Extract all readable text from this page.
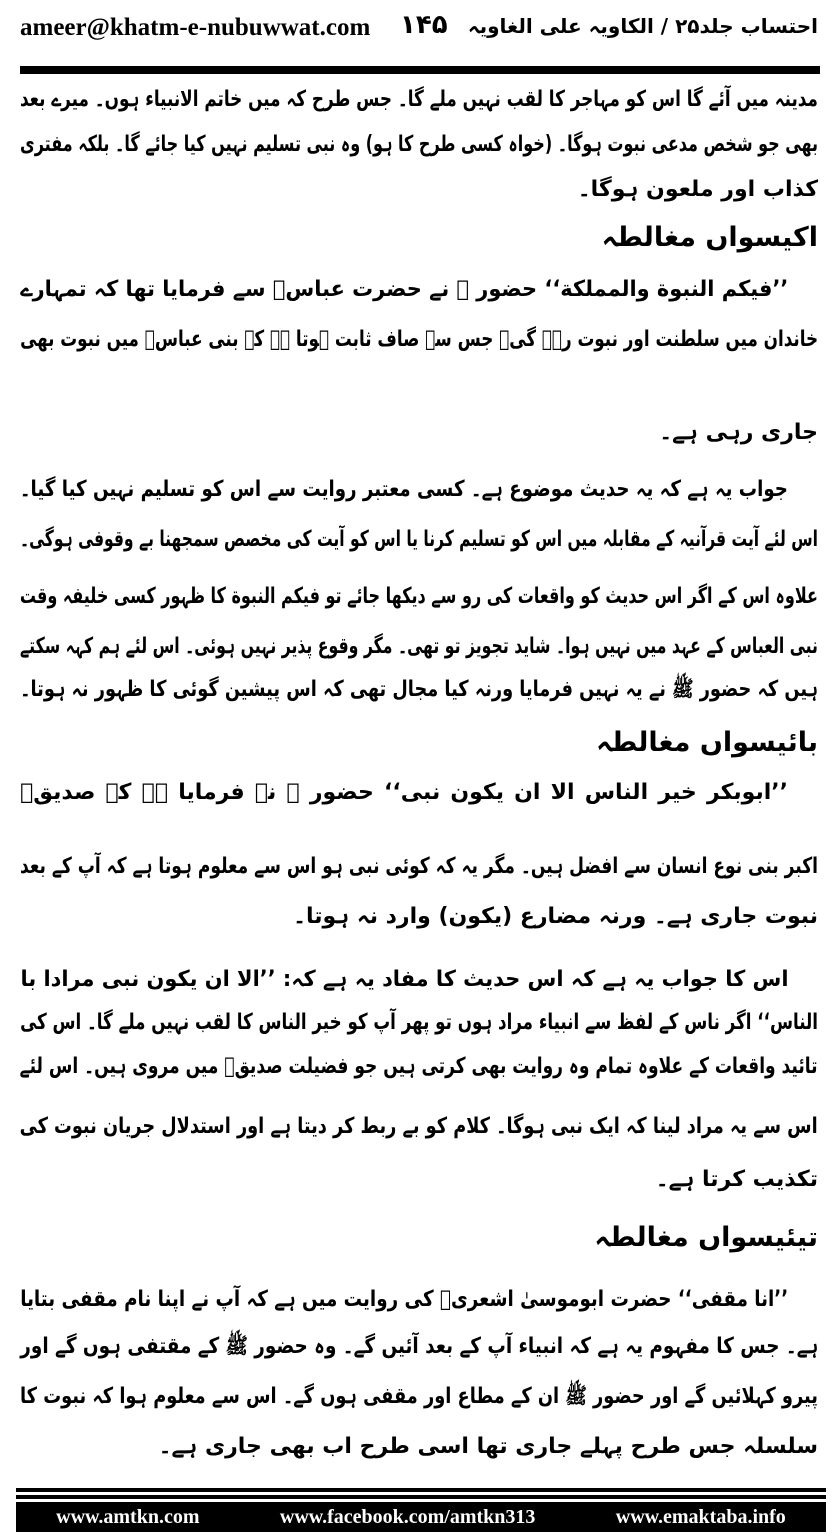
ameer@khatm-e-nubuwwat.com ۱۴۵ احتساب جلد۲۵ / الکاویہ علی الغاویہ
مدینہ میں آئے گا اس کو مہاجر کا لقب نہیں ملے گا۔ جس طرح کہ میں خاتم الانبیاء ہوں۔ میرے بعد
بھی جو شخص مدعی نبوت ہوگا۔ (خواہ کسی طرح کا ہو) وہ نبی تسلیم نہیں کیا جائے گا۔ بلکہ مفتری
کذاب اور ملعون ہوگا۔
اکیسواں مغالطہ
’’فیکم النبوة والمملکة‘‘ حضور ﷺ نے حضرت عباسؓ سے فرمایا تھا کہ تمہارے
خاندان میں سلطنت اور نبوت رہے گی۔ جس سے صاف ثابت ہوتا ہے کہ بنی عباسؓ میں نبوت بھی
جاری رہی ہے۔
جواب یہ ہے کہ یہ حدیث موضوع ہے۔ کسی معتبر روایت سے اس کو تسلیم نہیں کیا گیا۔
اس لئے آیت قرآنیہ کے مقابلہ میں اس کو تسلیم کرنا یا اس کو آیت کی مخصص سمجھنا بے وقوفی ہوگی۔
علاوہ اس کے اگر اس حدیث کو واقعات کی رو سے دیکھا جائے تو فیکم النبوة کا ظہور کسی خلیفہ وقت
نبی العباس کے عہد میں نہیں ہوا۔ شاید تجویز تو تھی۔ مگر وقوع پذیر نہیں ہوئی۔ اس لئے ہم کہہ سکتے
ہیں کہ حضور ﷺ نے یہ نہیں فرمایا ورنہ کیا مجال تھی کہ اس پیشین گوئی کا ظہور نہ ہوتا۔
بائیسواں مغالطہ
’’ابوبکر خیر الناس الا ان یکون نبی‘‘ حضور ﷺ نے فرمایا ہے کہ صدیقؓ
اکبر بنی نوع انسان سے افضل ہیں۔ مگر یہ کہ کوئی نبی ہو اس سے معلوم ہوتا ہے کہ آپ کے بعد
نبوت جاری ہے۔ ورنہ مضارع (یکون) وارد نہ ہوتا۔
اس کا جواب یہ ہے کہ اس حدیث کا مفاد یہ ہے کہ: ’’الا ان یکون نبی مرادا با
الناس‘‘ اگر ناس کے لفظ سے انبیاء مراد ہوں تو پھر آپ کو خیر الناس کا لقب نہیں ملے گا۔ اس کی
تائید واقعات کے علاوہ تمام وہ روایت بھی کرتی ہیں جو فضیلت صدیقؓ میں مروی ہیں۔ اس لئے
اس سے یہ مراد لینا کہ ایک نبی ہوگا۔ کلام کو بے ربط کر دیتا ہے اور استدلال جریان نبوت کی
تکذیب کرتا ہے۔
تیئیسواں مغالطہ
’’انا مقفی‘‘ حضرت ابوموسیٰ اشعریؓ کی روایت میں ہے کہ آپ نے اپنا نام مقفی بتایا
ہے۔ جس کا مفہوم یہ ہے کہ انبیاء آپ کے بعد آئیں گے۔ وہ حضور ﷺ کے مقتفی ہوں گے اور
پیرو کہلائیں گے اور حضور ﷺ ان کے مطاع اور مقفی ہوں گے۔ اس سے معلوم ہوا کہ نبوت کا
سلسلہ جس طرح پہلے جاری تھا اسی طرح اب بھی جاری ہے۔
www.amtkn.com	www.facebook.com/amtkn313	www.emaktaba.info
